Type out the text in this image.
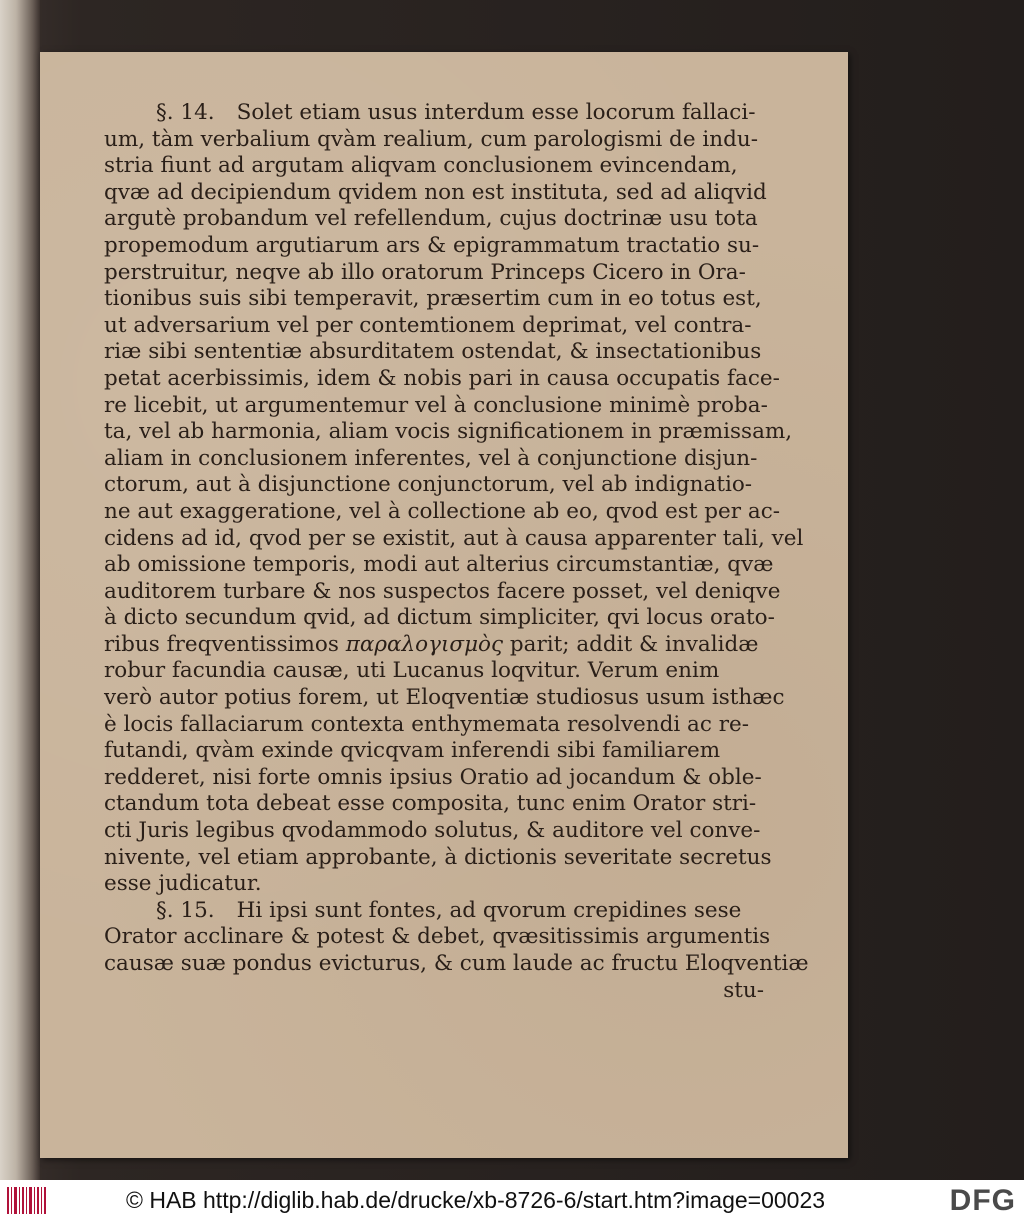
§. 14. Solet etiam usus interdum esse locorum fallaci-
um, tàm verbalium qvàm realium, cum parologismi de indu-
stria fiunt ad argutam aliqvam conclusionem evincendam,
qvæ ad decipiendum qvidem non est instituta, sed ad aliqvid
argutè probandum vel refellendum, cujus doctrinæ usu tota
propemodum argutiarum ars & epigrammatum tractatio su-
perstruitur, neqve ab illo oratorum Princeps Cicero in Ora-
tionibus suis sibi temperavit, præsertim cum in eo totus est,
ut adversarium vel per contemtionem deprimat, vel contra-
riæ sibi sententiæ absurditatem ostendat, & insectationibus
petat acerbissimis, idem & nobis pari in causa occupatis face-
re licebit, ut argumentemur vel à conclusione minimè proba-
ta, vel ab harmonia, aliam vocis significationem in præmissam,
aliam in conclusionem inferentes, vel à conjunctione disjun-
ctorum, aut à disjunctione conjunctorum, vel ab indignatio-
ne aut exaggeratione, vel à collectione ab eo, qvod est per ac-
cidens ad id, qvod per se existit, aut à causa apparenter tali, vel
ab omissione temporis, modi aut alterius circumstantiæ, qvæ
auditorem turbare & nos suspectos facere posset, vel deniqve
à dicto secundum qvid, ad dictum simpliciter, qvi locus orato-
ribus freqventissimos παραλογισμὸς parit; addit & invalidæ
robur facundia causæ, uti Lucanus loqvitur. Verum enim
verò autor potius forem, ut Eloqventiæ studiosus usum isthæc
è locis fallaciarum contexta enthymemata resolvendi ac re-
futandi, qvàm exinde qvicqvam inferendi sibi familiarem
redderet, nisi forte omnis ipsius Oratio ad jocandum & oble-
ctandum tota debeat esse composita, tunc enim Orator stri-
cti Juris legibus qvodammodo solutus, & auditore vel conve-
nivente, vel etiam approbante, à dictionis severitate secretus
esse judicatur.
§. 15. Hi ipsi sunt fontes, ad qvorum crepidines sese
Orator acclinare & potest & debet, qvæsitissimis argumentis
causæ suæ pondus evicturus, & cum laude ac fructu Eloqventiæ
stu-
© HAB http://diglib.hab.de/drucke/xb-8726-6/start.htm?image=00023	DFG
